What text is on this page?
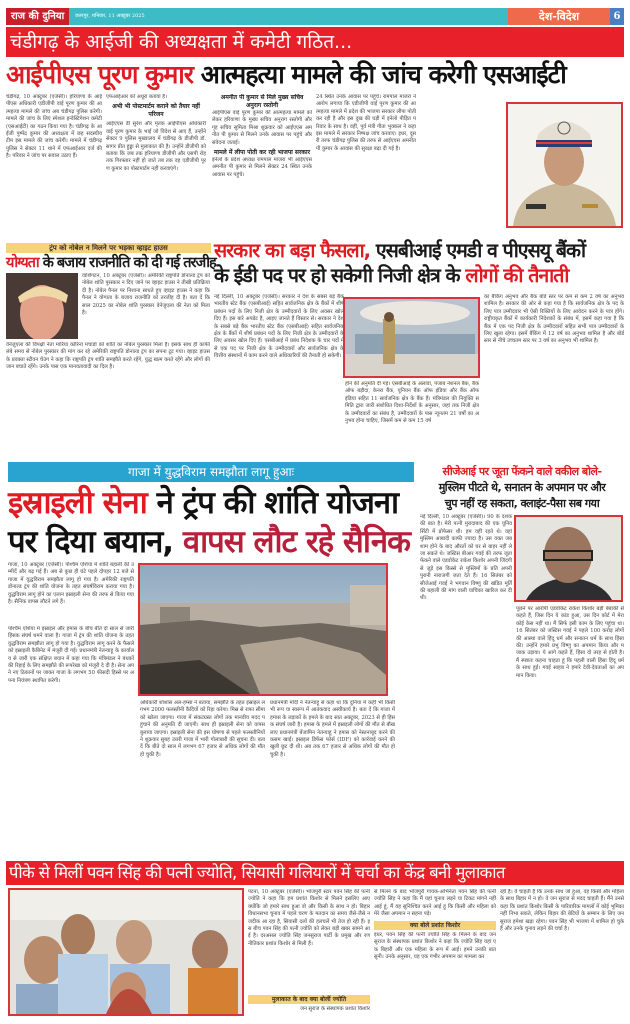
राज की दुनिया	छतरपुर, शनिवार, 11 अक्टूबर 2025	देश-विदेश	6
चंडीगढ़ के आईजी की अध्यक्षता में कमेटी गठित...
आईपीएस पूरण कुमार आत्महत्या मामले की जांच करेगी एसआईटी
चंडीगढ़, 10 अक्टूबर (एजेंसी)। हरियाणा के आईपीएस अधिकारी एडीजीपी वाई पूरण कुमार की आत्महत्या मामले की जांच अब चंडीगढ़ पुलिस करेगी। मामले की जांच के लिए स्पेशल इन्वेस्टिगेशन कमेटी (एसआईटी) का गठन किया गया है। चंडीगढ़ के आईजी पुष्पेंद्र कुमार की अध्यक्षता में छह सदस्यीय टीम इस मामले की जांच करेगी। मामले में चंडीगढ़ पुलिस ने सेक्टर 11 थाने में एफआईआर दर्ज की है। परिवार ने जांच पर सवाल उठाए हैं।
एफआईआर को अधूरा बताया है।
अभी भी पोस्टमार्टम कराने को तैयार नहीं परिजन
आईएएस डी सुरेश और मृतक आईपीएस अधिकारी वाई पूरण कुमार के भाई जो विदेश से आए हैं, उन्होंने सेक्टर 9 पुलिस मुख्यालय में चंडीगढ़ के डीजीपी डॉ. सागर प्रीत हुड्डा से मुलाकात की है। उन्होंने डीजीपी को बताया कि जब तक हरियाणा डीजीपी और एसपी रोहतक गिरफ्तार नहीं हो जाते तब तक वह एडीजीपी पूरण कुमार का पोस्टमार्टम नहीं करवाएंगे।
अमनीत पी कुमार से मिले मुख्य सचिव अनुराग रस्तोगी
आईपीएस वाई पूरण कुमार की आत्महत्या मामले को लेकर हरियाणा के मुख्य सचिव अनुराग रस्तोगी और गृह सचिव सुमिता मिश्रा शुक्रवार को आईएएस अमनीत पी कुमार से मिलने उनके आवास पर पहुंचे और संवेदना जताई।
मामले में लीपा पोती कर रही भाजपा सरकार
इनेलो के प्रदेश अध्यक्ष रामपाल माजरा भी आईएएस अमनीत पी कुमार से मिलने सेक्टर 24 स्थित उनके आवास पर पहुंचे।
24 स्थित उनके आवास पर पहुंचे। रामपाल माजरा ने आरोप लगाया कि एडीजीपी वाई पूरण कुमार की आत्महत्या मामले में प्रदेश की भाजपा सरकार लीपा पोती कर रही है और इस दुख की घड़ी में इनेलो पीड़ित परिवार के साथ है। वहीं, पूर्व मंत्री गीता भुक्कल ने कहा इस मामले में सरकार निष्पक्ष जांच करवाए। इधर, दूसरी तरफ चंडीगढ़ पुलिस की तरफ से आईएएस अमनीत पी कुमार के आवास की सुरक्षा बढ़ा दी गई है।
ट्रंप को नोबेल न मिलने पर भड़का व्हाइट हाउस
योग्यता के बजाय राजनीति को दी गई तरजीह
वाशिंगटन, 10 अक्टूबर (एजेंसी)। अमेरिकी राष्ट्रपति डोनाल्ड ट्रंप को नोबेल शांति पुरस्कार न दिए जाने पर व्हाइट हाउस ने तीखी प्रतिक्रिया दी है। नोबेल पैनल पर निशाना साधते हुए व्हाइट हाउस ने कहा कि पैनल ने योग्यता के बजाय राजनीति को तरजीह दी है। बता दें कि साल 2025 का नोबेल शांति पुरस्कार वेनेजुएला की नेता को मिला है।
वेनेजुएला की विपक्षी नेता मारिया कोरिना मचाडो को शांति का नोबेल पुरस्कार मिला है। इसके साथ ही काफी लंबे समय से नोबेल पुरस्कार की मांग कर रहे अमेरिकी राष्ट्रपति डोनाल्ड ट्रंप का सपना टूट गया। व्हाइट हाउस के प्रवक्ता स्टीवन चेउंग ने कहा कि राष्ट्रपति ट्रंप शांति समझौते करते रहेंगे, युद्ध खत्म करते रहेंगे और लोगों की जान बचाते रहेंगे। उनके पास एक मानवतावादी का दिल है।
सरकार का बड़ा फैसला, एसबीआई एमडी व पीएसयू बैंकों
के ईडी पद पर हो सकेगी निजी क्षेत्र के लोगों की तैनाती
नई दिल्ली, 10 अक्टूबर (एजेंसी)। सरकार ने देश के सबसे बड़े बैंक भारतीय स्टेट बैंक (एसबीआई) सहित सार्वजनिक क्षेत्र के बैंकों में शीर्ष प्रबंधन पदों के लिए निजी क्षेत्र के उम्मीदवारों के लिए अवसर खोल दिए हैं। इस बारे अपडेट है, आइए जानते हैं विस्तार से। सरकार ने देश के सबसे बड़े बैंक भारतीय स्टेट बैंक (एसबीआई) सहित सार्वजनिक क्षेत्र के बैंकों में शीर्ष प्रबंधन पदों के लिए निजी क्षेत्र के उम्मीदवारों के लिए अवसर खोल दिए हैं। एसबीआई में प्रबंध निदेशक के चार पदों में से एक पद पर निजी क्षेत्र के उम्मीदवारों और सार्वजनिक क्षेत्र के वित्तीय संस्थानों में काम करने वाले अधिकारियों की तैनाती हो सकेगी।
होने की अनुमति दी गई। एसबीआई के अलावा, पंजाब नेशनल बैंक, बैंक ऑफ बड़ौदा, केनरा बैंक, यूनियन बैंक ऑफ इंडिया और बैंक ऑफ इंडिया सहित 11 सार्वजनिक क्षेत्र के बैंक हैं। मंत्रिमंडल की नियुक्ति समिति द्वारा जारी संशोधित दिशा-निर्देशों के अनुसार, जहां तक निजी क्षेत्र के उम्मीदवारों का संबंध है, उम्मीदवारों के पास न्यूनतम 21 वर्षों का अनुभव होना चाहिए, जिसमें कम से कम 15 वर्ष
का बैंकिंग अनुभव और बैंक बोर्ड स्तर पर कम से कम 2 वर्ष का अनुभव शामिल है। सरकार की ओर से कहा गया है कि सार्वजनिक क्षेत्र के पद के लिए पात्र उम्मीदवार भी ऐसी रिक्तियों के लिए आवेदन करने के पात्र होंगे। राष्ट्रीयकृत बैंकों में कार्यकारी निदेशकों के संबंध में, इसमें कहा गया है कि बैंक में एक पद निजी क्षेत्र के उम्मीदवारों सहित सभी पात्र उम्मीदवारों के लिए खुला रहेगा। इसमें बैंकिंग में 12 वर्ष का अनुभव शामिल है और बोर्ड स्तर से नीचे उच्चतम स्तर पर 3 वर्ष का अनुभव भी शामिल है।
गाजा में युद्धविराम समझौता लागू हुआः
इस्राइली सेना ने ट्रंप की शांति योजना
पर दिया बयान, वापस लौट रहे सैनिक
गाजा, 10 अक्टूबर (एजेंसी)। पश्चिम एशिया में शांति बहाली की उम्मीदें और बढ़ गई हैं। अब से कुछ ही घंटे पहले दोपहर 12 बजे से गाजा में युद्धविराम समझौता लागू हो गया है। अमेरिकी राष्ट्रपति डोनाल्ड ट्रंप की शांति योजना के तहत संघर्षविराम कराया गया है। युद्धविराम लागू होने का एलान इस्राइली सेना की तरफ से किया गया है। सैनिक वापस लौटने लगे हैं।
पश्चिम एशिया में इस्राइल और हमास के बीच बीते दो साल से जारी हिंसक संघर्ष थमने वाला है। गाजा में ट्रंप की शांति योजना के तहत युद्धविराम समझौता लागू हो गया है। युद्धविराम लागू करने के फैसले को इस्राइली कैबिनेट में मंजूरी दी गई। प्रधानमंत्री नेतन्याहू के कार्यालय से जारी एक संक्षिप्त बयान में कहा गया कि मंत्रिमंडल ने बंधकों की रिहाई के लिए समझौते की रूपरेखा को मंजूरी दे दी है। सेना अपने नए ठिकानों पर जाकर गाजा के लगभग 50 फीसदी हिस्से पर अपना नियंत्रण स्थापित करेगी।
अधिकारी शोशांस अल-हम्सा ने बताया, समझौते के तहत इस्राइल लगभग 2000 फलस्तीनी कैदियों को रिहा करेगा। मिस्र से राफा सीमा को खोला जाएगा। गाजा में संकटग्रस्त लोगों तक मानवीय मदद पहुंचाने की अनुमति दी जाएगी। साथ ही इस्राइली सेना को वापस बुलाया जाएगा। इस्राइली सेना की इस घोषणा से पहले फलस्तीनियों ने शुक्रवार सुबह उत्तरी गाजा में भारी गोलाबारी की सूचना दी। बता दें कि बीते दो साल में लगभग 67 हजार से अधिक लोगों की मौत हो चुकी है।
प्रधानमंत्री मोदी ने नेतन्याहू से कहा था कि दुनिया में कहीं भी किसी भी रूप या स्वरूप में आतंकवाद अस्वीकार्य है। बता दें कि गाजा में हमास के लड़ाकों के हमले के बाद सात अक्टूबर, 2023 से ही हिंसक संघर्ष जारी है। हमास के हमले में इस्राइली लोगों की मौत से बौखलाए प्रधानमंत्री बेंजामिन नेतन्याहू ने हमास को नेस्तनाबूद करने की कसम खाई। इस्राइल डिफेंस फोर्स (IDF) को कार्रवाई करने की खुली छूट दी थी। अब तक 67 हजार से अधिक लोगों की मौत हो चुकी है।
सीजेआई पर जूता फेंकने वाले वकील बोले-
मुस्लिम पीटते थे, सनातन के अपमान पर और
चुप नहीं रह सकता, क्लाइंट-पैसा सब गया
नई दिल्ली, 10 अक्टूबर (एजेंसी)। 90 के दशक की बात है। मेरी पत्नी मुरादाबाद की एक यूनिवर्सिटी में प्रोफेसर थी। हम वहीं रहते थे। वहां मुस्लिम आबादी काफी ज्यादा है। उस वक्त जब शाम होने के बाद औरतों को घर से बाहर नहीं ले जा सकते थे। जस्टिस बीआर गवई की तरफ जूता फेंकने वाले एडवोकेट राकेश किशोर अपनी जिंदगी से जुड़े इस किस्से से मुस्लिमों के प्रति अपनी पुरानी नाराजगी जता देते हैं। 16 सितंबर को सीजेआई गवई ने भगवान विष्णु की खंडित मूर्ति की बहाली की मांग वाली याचिका खारिज कर दी थी।
पूछने पर आरोपी एडवोकेट राकेश किशोर बड़ी बेबाकी से कहते हैं, जिस दिन ये कांड हुआ, उस दिन कोर्ट में मेरा कोई केस नहीं था। मैं सिर्फ इसी काम के लिए पहुंचा था। 16 सितंबर को जस्टिस गवई ने पहले 100 करोड़ लोगों की आस्था वाले हिंदू धर्म और सनातन धर्म के साथ हिंसा की। उन्होंने हमारे प्रभु विष्णु का अपमान किया और मजाक उड़ाया। ये आगे कहते हैं, हिंसा दो तरह से होती है। मैं स्पष्टतः कहना चाहता हूं कि पहली वाली हिंसा हिंदू धर्म के साथ हुई। गवई साहब ने हमारे देवी-देवताओं का अपमान किया।
पीके से मिलीं पवन सिंह की पत्नी ज्योति, सियासी गलियारों में चर्चा का केंद्र बनी मुलाकात
पटना, 10 अक्टूबर (एजेंसी)। भोजपुरी स्टार पवन सिंह की पत्नी ज्योति ने कहा कि हम प्रशांत किशोर से मिलने इसलिए आए क्योंकि जो हमारे साथ हुआ वो और किसी के साथ न हो। बिहार विधानसभा चुनाव में पहले चरण के मतदान का समय जैसे-जैसे नजदीक आ रहा है, सियासी दलों की हलचलें भी तेज हो रही हैं। इस बीच पवन सिंह की पत्नी ज्योति को लेकर बड़ी खबर सामने आई है। दरअसल ज्योति सिंह जनसुराज पार्टी के प्रमुख और रणनीतिकार प्रशांत किशोर से मिली हैं।
मुलाकात के बाद क्या बोलीं ज्योति
जन सुराज के संस्थापक प्रशांत किशोर
से मिलने के बाद भोजपुरी गायक-अभिनेता पवन सिंह की पत्नी ज्योति सिंह ने कहा कि मैं यहां चुनाव लड़ने या टिकट मांगने नहीं आई हूं, मैं यह सुनिश्चित करने आई हूं कि किसी और महिला को मेरे जैसा अपमान न सहना पड़े।
क्या बोले प्रशांत किशोर
इधर, पवन सिंह की पत्नी ज्योति सिंह के मिलने के बाद जन सुराज के संस्थापक प्रशांत किशोर ने कहा कि ज्योति सिंह यहां एक बिहारी और एक महिला के रूप में आईं। हमने उनकी बात सुनी। उनके अनुसार, यह एक गंभीर अपमान का मामला कर
रही हैं। वे चाहती हैं कि उनके साथ जो हुआ, वह किसी और महिला के साथ बिहार में न हो। वे जन सुराज से मदद चाहती हैं। मैंने उनसे कहा कि प्रशांत किशोर किसी के पारिवारिक मामलों में कोई भूमिका नहीं निभा सकते, लेकिन बिहार की बेटियों के सम्मान के लिए जन सुराज हमेशा खड़ा रहेगा। पवन सिंह भी भाजपा में शामिल हो चुके हैं और उनके चुनाव लड़ने की चर्चा है।
